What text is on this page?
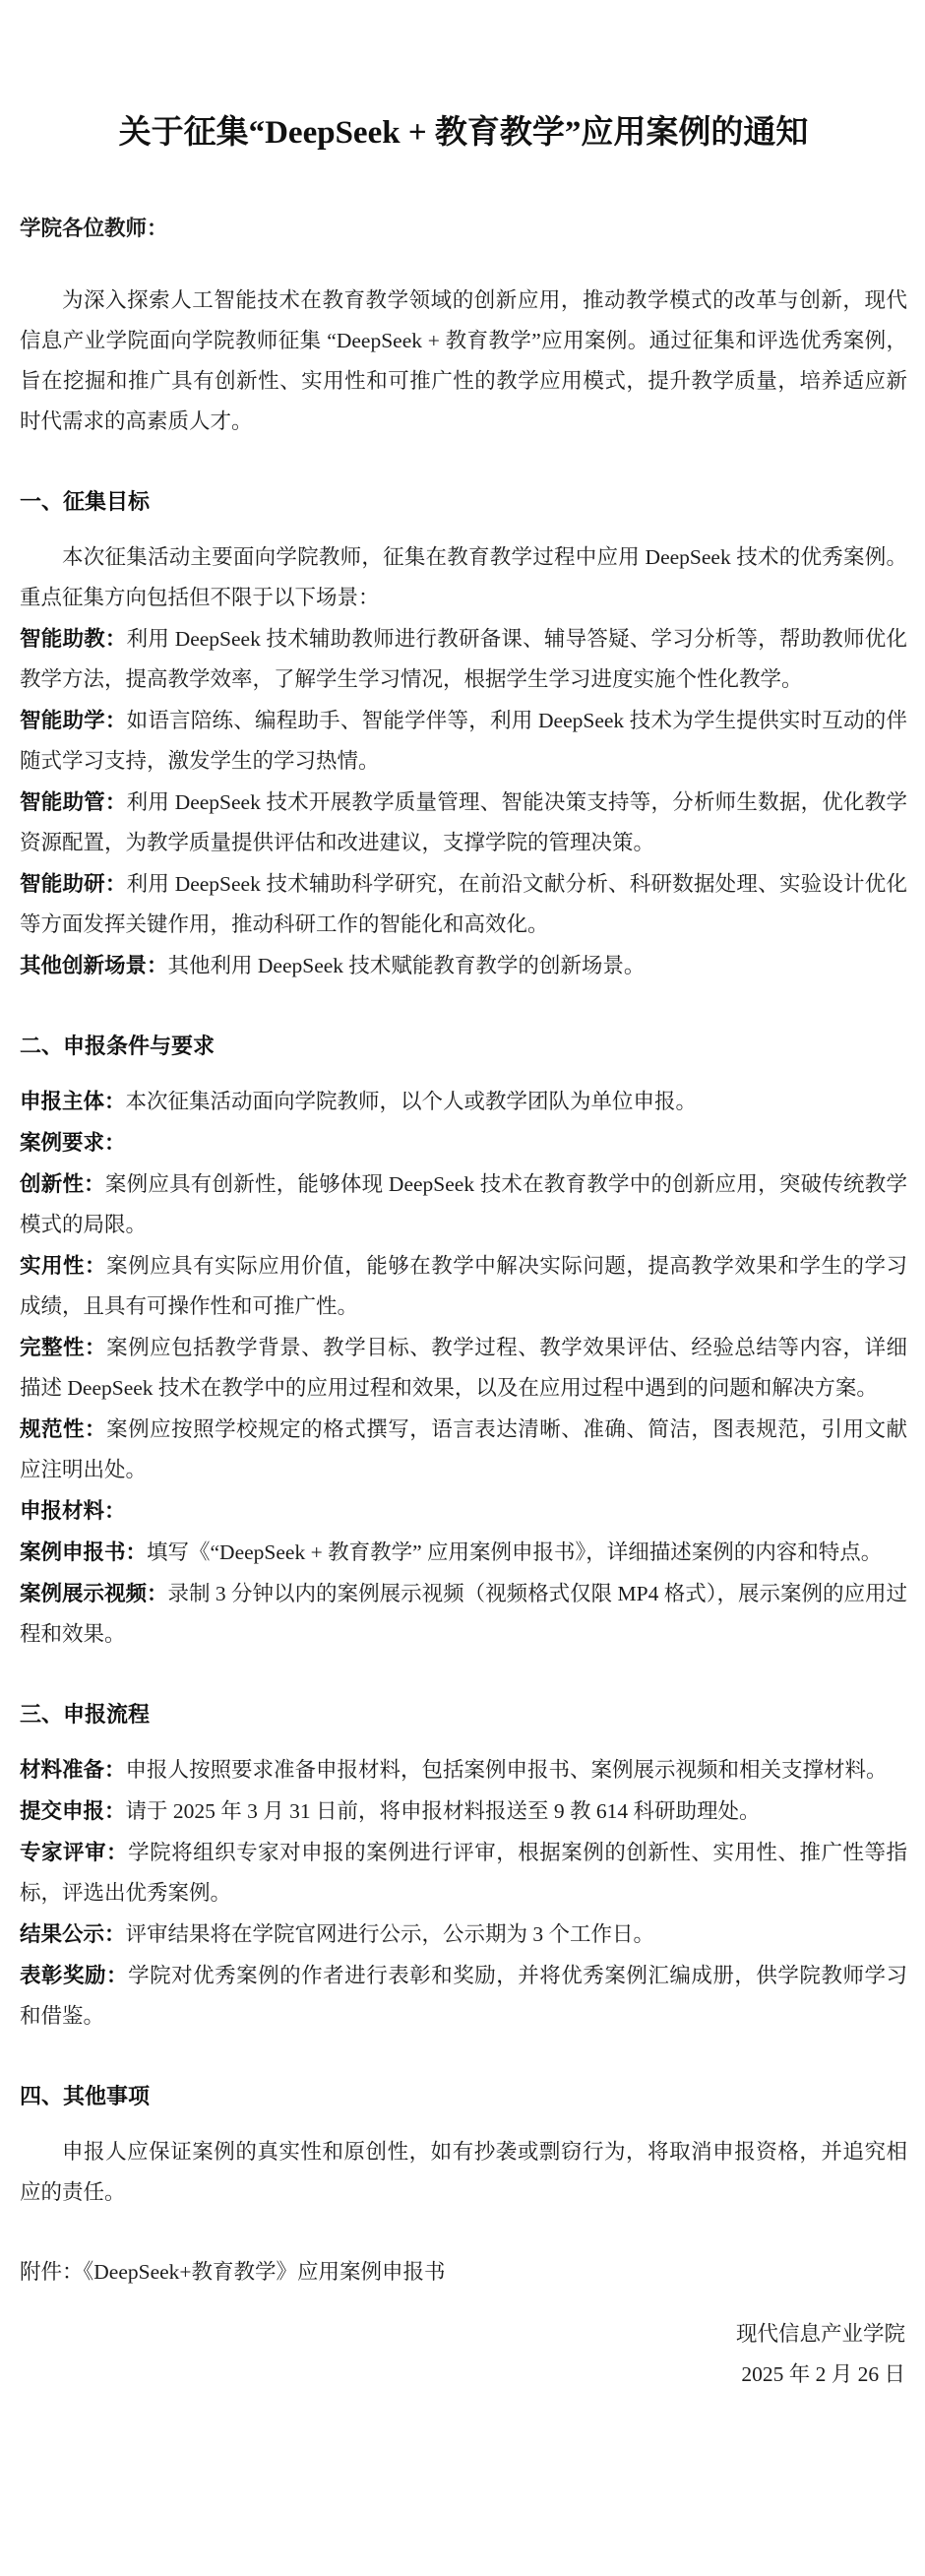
关于征集“DeepSeek + 教育教学”应用案例的通知

学院各位教师：

为深入探索人工智能技术在教育教学领域的创新应用，推动教学模式的改革与创新，现代信息产业学院面向学院教师征集 “DeepSeek + 教育教学”应用案例。通过征集和评选优秀案例，旨在挖掘和推广具有创新性、实用性和可推广性的教学应用模式，提升教学质量，培养适应新时代需求的高素质人才。

一、征集目标

本次征集活动主要面向学院教师，征集在教育教学过程中应用 DeepSeek 技术的优秀案例。重点征集方向包括但不限于以下场景：

智能助教：利用 DeepSeek 技术辅助教师进行教研备课、辅导答疑、学习分析等，帮助教师优化教学方法，提高教学效率，了解学生学习情况，根据学生学习进度实施个性化教学。

智能助学：如语言陪练、编程助手、智能学伴等，利用 DeepSeek 技术为学生提供实时互动的伴随式学习支持，激发学生的学习热情。

智能助管：利用 DeepSeek 技术开展教学质量管理、智能决策支持等，分析师生数据，优化教学资源配置，为教学质量提供评估和改进建议，支撑学院的管理决策。

智能助研：利用 DeepSeek 技术辅助科学研究，在前沿文献分析、科研数据处理、实验设计优化等方面发挥关键作用，推动科研工作的智能化和高效化。

其他创新场景：其他利用 DeepSeek 技术赋能教育教学的创新场景。

二、申报条件与要求

申报主体：本次征集活动面向学院教师，以个人或教学团队为单位申报。

案例要求：

创新性：案例应具有创新性，能够体现 DeepSeek 技术在教育教学中的创新应用，突破传统教学模式的局限。

实用性：案例应具有实际应用价值，能够在教学中解决实际问题，提高教学效果和学生的学习成绩，且具有可操作性和可推广性。

完整性：案例应包括教学背景、教学目标、教学过程、教学效果评估、经验总结等内容，详细描述 DeepSeek 技术在教学中的应用过程和效果，以及在应用过程中遇到的问题和解决方案。

规范性：案例应按照学校规定的格式撰写，语言表达清晰、准确、简洁，图表规范，引用文献应注明出处。

申报材料：

案例申报书：填写《“DeepSeek + 教育教学” 应用案例申报书》，详细描述案例的内容和特点。

案例展示视频：录制 3 分钟以内的案例展示视频（视频格式仅限 MP4 格式），展示案例的应用过程和效果。

三、申报流程

材料准备：申报人按照要求准备申报材料，包括案例申报书、案例展示视频和相关支撑材料。

提交申报：请于 2025 年 3 月 31 日前，将申报材料报送至 9 教 614 科研助理处。

专家评审：学院将组织专家对申报的案例进行评审，根据案例的创新性、实用性、推广性等指标，评选出优秀案例。

结果公示：评审结果将在学院官网进行公示，公示期为 3 个工作日。

表彰奖励：学院对优秀案例的作者进行表彰和奖励，并将优秀案例汇编成册，供学院教师学习和借鉴。

四、其他事项

申报人应保证案例的真实性和原创性，如有抄袭或剽窃行为，将取消申报资格，并追究相应的责任。

附件：《DeepSeek+教育教学》应用案例申报书

现代信息产业学院

2025 年 2 月 26 日
